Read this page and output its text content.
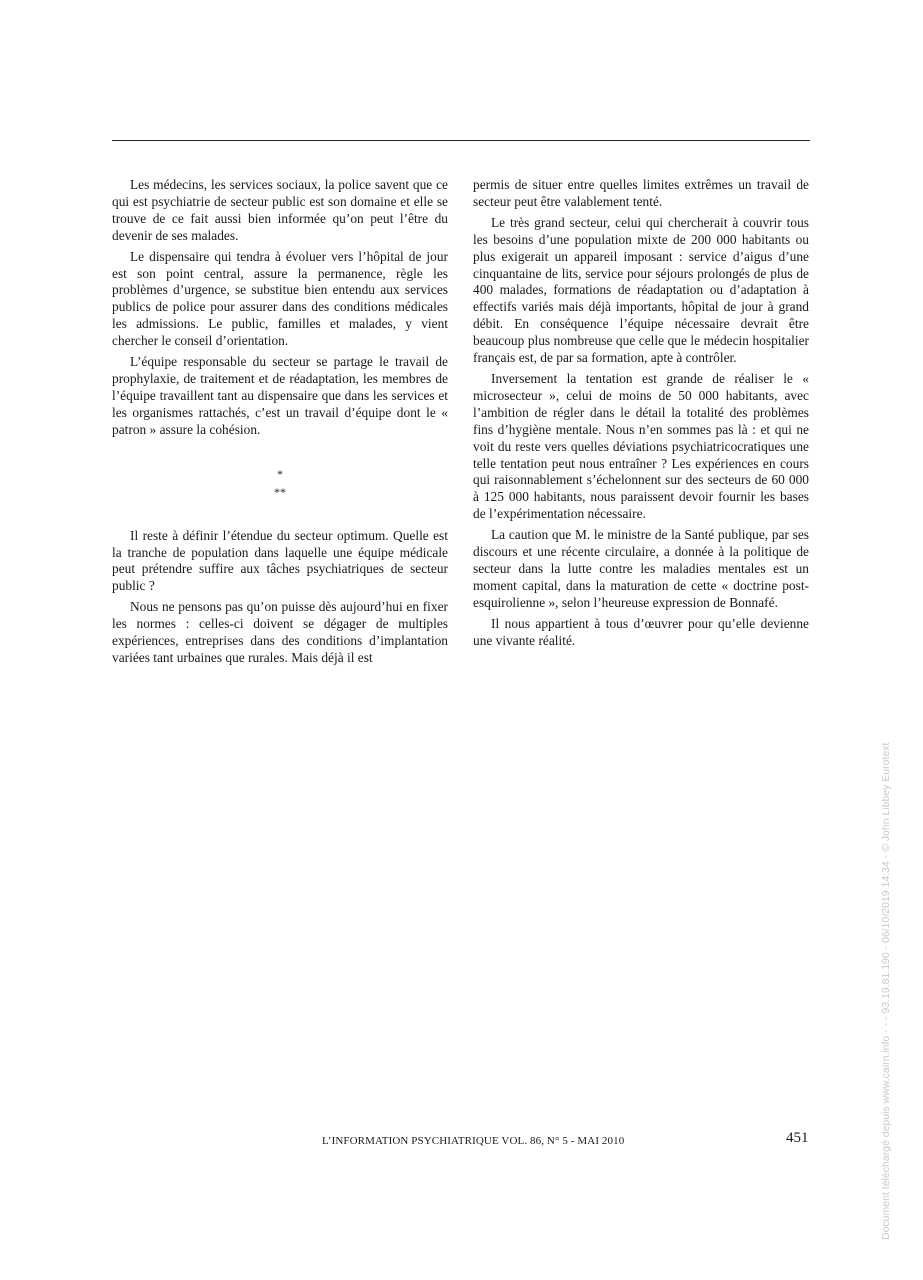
Les médecins, les services sociaux, la police savent que ce qui est psychiatrie de secteur public est son domaine et elle se trouve de ce fait aussi bien informée qu’on peut l’être du devenir de ses malades.

Le dispensaire qui tendra à évoluer vers l’hôpital de jour est son point central, assure la permanence, règle les problèmes d’urgence, se substitue bien entendu aux services publics de police pour assurer dans des conditions médicales les admissions. Le public, familles et malades, y vient chercher le conseil d’orientation.

L’équipe responsable du secteur se partage le travail de prophylaxie, de traitement et de réadaptation, les membres de l’équipe travaillent tant au dispensaire que dans les services et les organismes rattachés, c’est un travail d’équipe dont le « patron » assure la cohésion.

*
**

Il reste à définir l’étendue du secteur optimum. Quelle est la tranche de population dans laquelle une équipe médicale peut prétendre suffire aux tâches psychiatriques de secteur public ?

Nous ne pensons pas qu’on puisse dès aujourd’hui en fixer les normes : celles-ci doivent se dégager de multiples expériences, entreprises dans des conditions d’implantation variées tant urbaines que rurales. Mais déjà il est

permis de situer entre quelles limites extrêmes un travail de secteur peut être valablement tenté.

Le très grand secteur, celui qui chercherait à couvrir tous les besoins d’une population mixte de 200 000 habitants ou plus exigerait un appareil imposant : service d’aigus d’une cinquantaine de lits, service pour séjours prolongés de plus de 400 malades, formations de réadaptation ou d’adaptation à effectifs variés mais déjà importants, hôpital de jour à grand débit. En conséquence l’équipe nécessaire devrait être beaucoup plus nombreuse que celle que le médecin hospitalier français est, de par sa formation, apte à contrôler.

Inversement la tentation est grande de réaliser le « microsecteur », celui de moins de 50 000 habitants, avec l’ambition de régler dans le détail la totalité des problèmes fins d’hygiène mentale. Nous n’en sommes pas là : et qui ne voit du reste vers quelles déviations psychiatricocratiques une telle tentation peut nous entraîner ? Les expériences en cours qui raisonnablement s’échelonnent sur des secteurs de 60 000 à 125 000 habitants, nous paraissent devoir fournir les bases de l’expérimentation nécessaire.

La caution que M. le ministre de la Santé publique, par ses discours et une récente circulaire, a donnée à la politique de secteur dans la lutte contre les maladies mentales est un moment capital, dans la maturation de cette « doctrine post-esquirolienne », selon l’heureuse expression de Bonnafé.

Il nous appartient à tous d’œuvrer pour qu’elle devienne une vivante réalité.

L’INFORMATION PSYCHIATRIQUE VOL. 86, N° 5 - MAI 2010	451	Document téléchargé depuis www.cairn.info - - - 93.19.81.190 - 06/10/2019 14:34 - © John Libbey Eurotext
